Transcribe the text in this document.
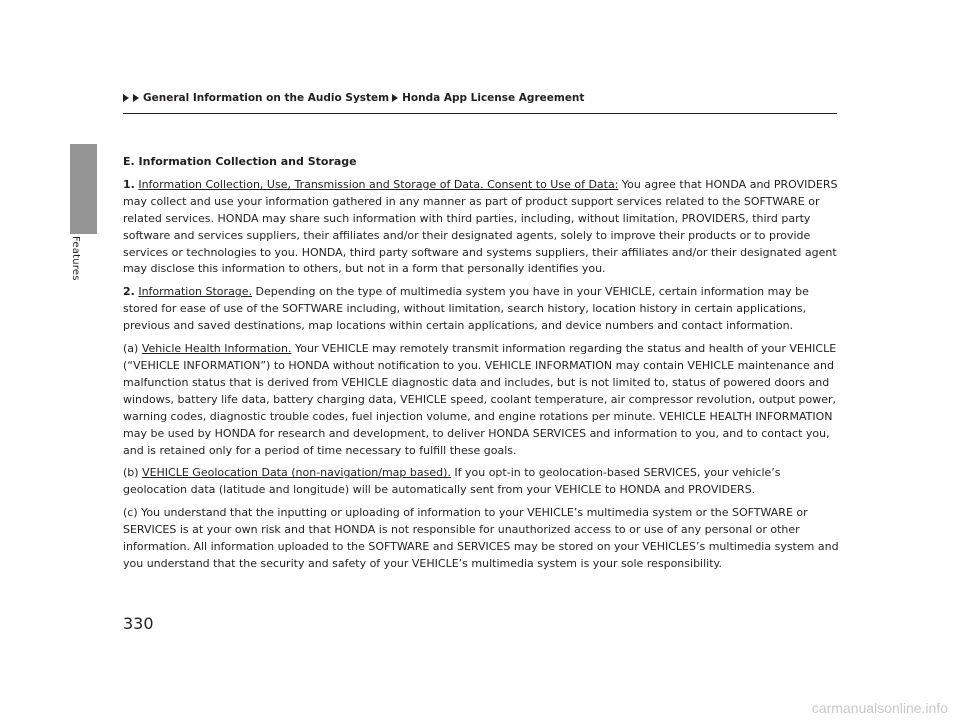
Features
General Information on the Audio System Honda App License Agreement

E. Information Collection and Storage

1. Information Collection, Use, Transmission and Storage of Data. Consent to Use of Data: You agree that HONDA and PROVIDERS may collect and use your information gathered in any manner as part of product support services related to the SOFTWARE or related services. HONDA may share such information with third parties, including, without limitation, PROVIDERS, third party software and services suppliers, their affiliates and/or their designated agents, solely to improve their products or to provide services or technologies to you. HONDA, third party software and systems suppliers, their affiliates and/or their designated agent may disclose this information to others, but not in a form that personally identifies you.

2. Information Storage. Depending on the type of multimedia system you have in your VEHICLE, certain information may be stored for ease of use of the SOFTWARE including, without limitation, search history, location history in certain applications, previous and saved destinations, map locations within certain applications, and device numbers and contact information.

(a) Vehicle Health Information. Your VEHICLE may remotely transmit information regarding the status and health of your VEHICLE (“VEHICLE INFORMATION”) to HONDA without notification to you. VEHICLE INFORMATION may contain VEHICLE maintenance and malfunction status that is derived from VEHICLE diagnostic data and includes, but is not limited to, status of powered doors and windows, battery life data, battery charging data, VEHICLE speed, coolant temperature, air compressor revolution, output power, warning codes, diagnostic trouble codes, fuel injection volume, and engine rotations per minute. VEHICLE HEALTH INFORMATION may be used by HONDA for research and development, to deliver HONDA SERVICES and information to you, and to contact you, and is retained only for a period of time necessary to fulfill these goals.

(b) VEHICLE Geolocation Data (non-navigation/map based). If you opt-in to geolocation-based SERVICES, your vehicle’s geolocation data (latitude and longitude) will be automatically sent from your VEHICLE to HONDA and PROVIDERS.

(c) You understand that the inputting or uploading of information to your VEHICLE’s multimedia system or the SOFTWARE or SERVICES is at your own risk and that HONDA is not responsible for unauthorized access to or use of any personal or other information. All information uploaded to the SOFTWARE and SERVICES may be stored on your VEHICLES’s multimedia system and you understand that the security and safety of your VEHICLE’s multimedia system is your sole responsibility.

330
carmanualsonline.info
